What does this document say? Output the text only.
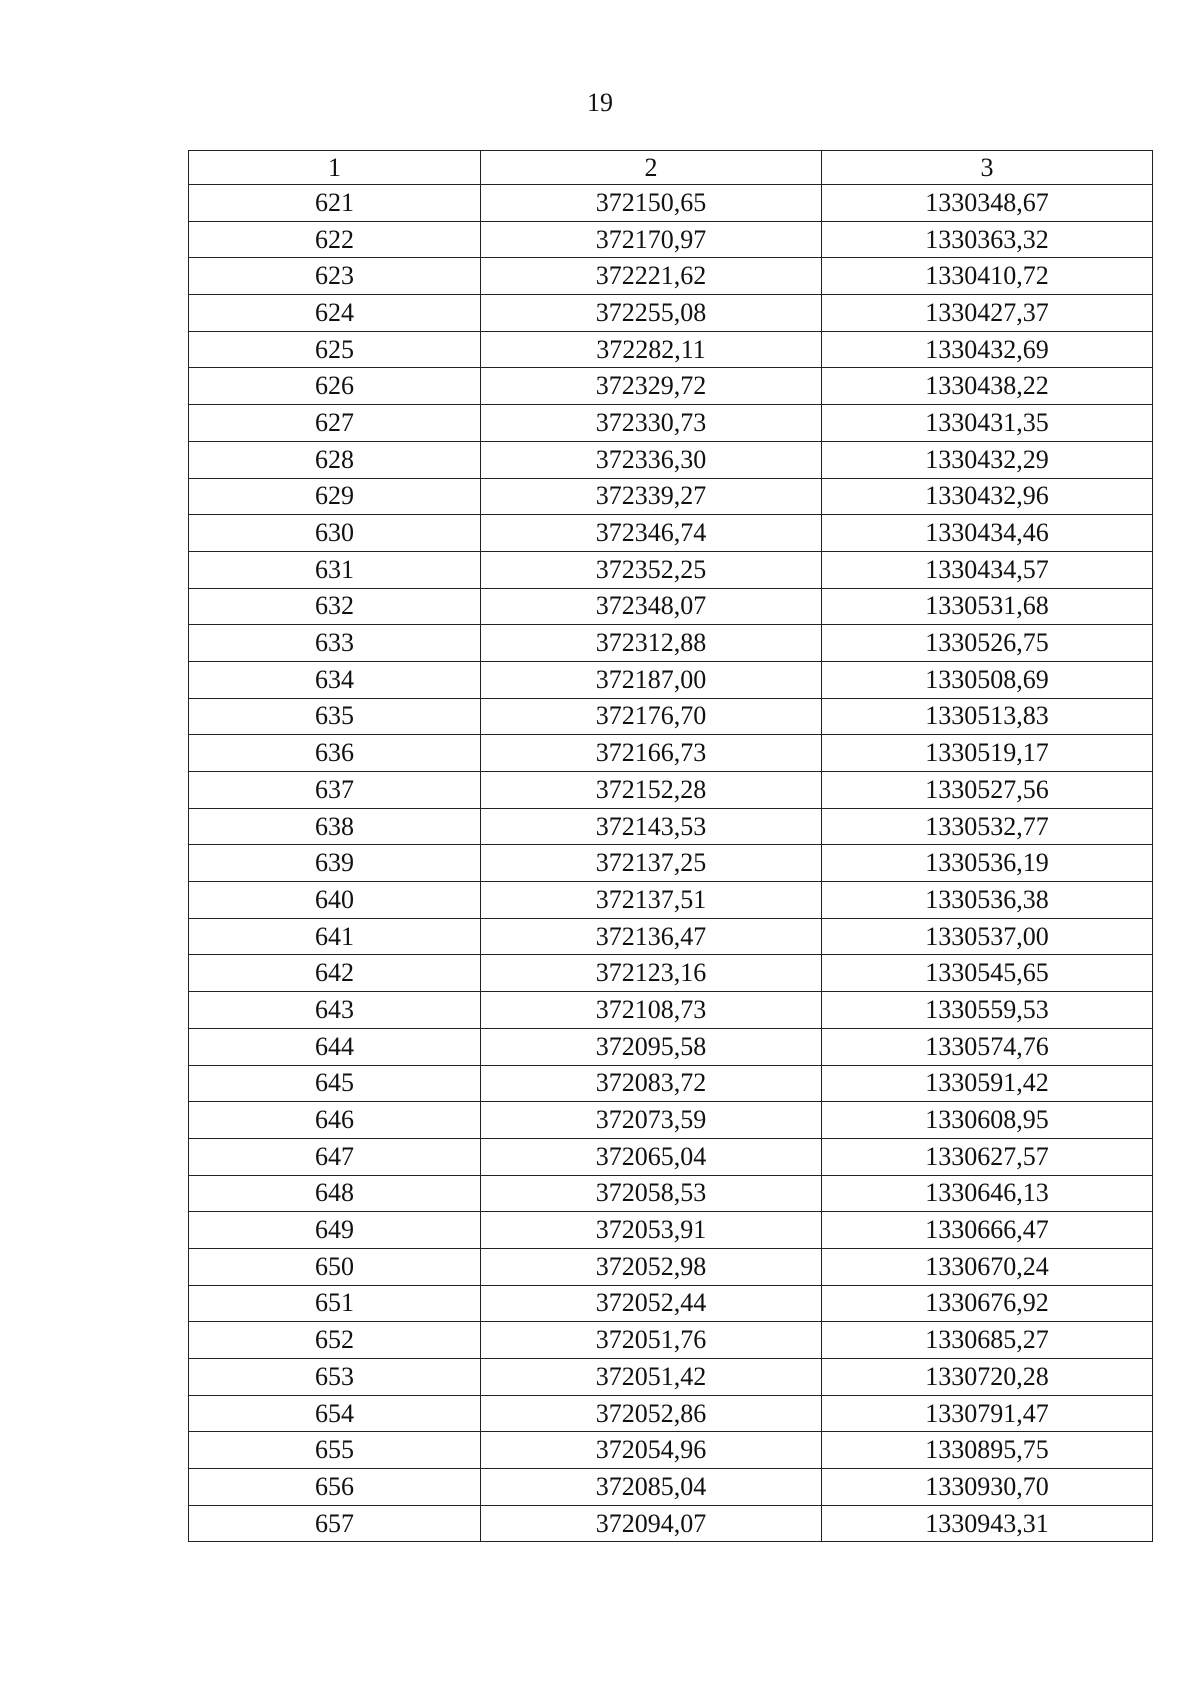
19
1	2	3
621	372150,65	1330348,67
622	372170,97	1330363,32
623	372221,62	1330410,72
624	372255,08	1330427,37
625	372282,11	1330432,69
626	372329,72	1330438,22
627	372330,73	1330431,35
628	372336,30	1330432,29
629	372339,27	1330432,96
630	372346,74	1330434,46
631	372352,25	1330434,57
632	372348,07	1330531,68
633	372312,88	1330526,75
634	372187,00	1330508,69
635	372176,70	1330513,83
636	372166,73	1330519,17
637	372152,28	1330527,56
638	372143,53	1330532,77
639	372137,25	1330536,19
640	372137,51	1330536,38
641	372136,47	1330537,00
642	372123,16	1330545,65
643	372108,73	1330559,53
644	372095,58	1330574,76
645	372083,72	1330591,42
646	372073,59	1330608,95
647	372065,04	1330627,57
648	372058,53	1330646,13
649	372053,91	1330666,47
650	372052,98	1330670,24
651	372052,44	1330676,92
652	372051,76	1330685,27
653	372051,42	1330720,28
654	372052,86	1330791,47
655	372054,96	1330895,75
656	372085,04	1330930,70
657	372094,07	1330943,31
